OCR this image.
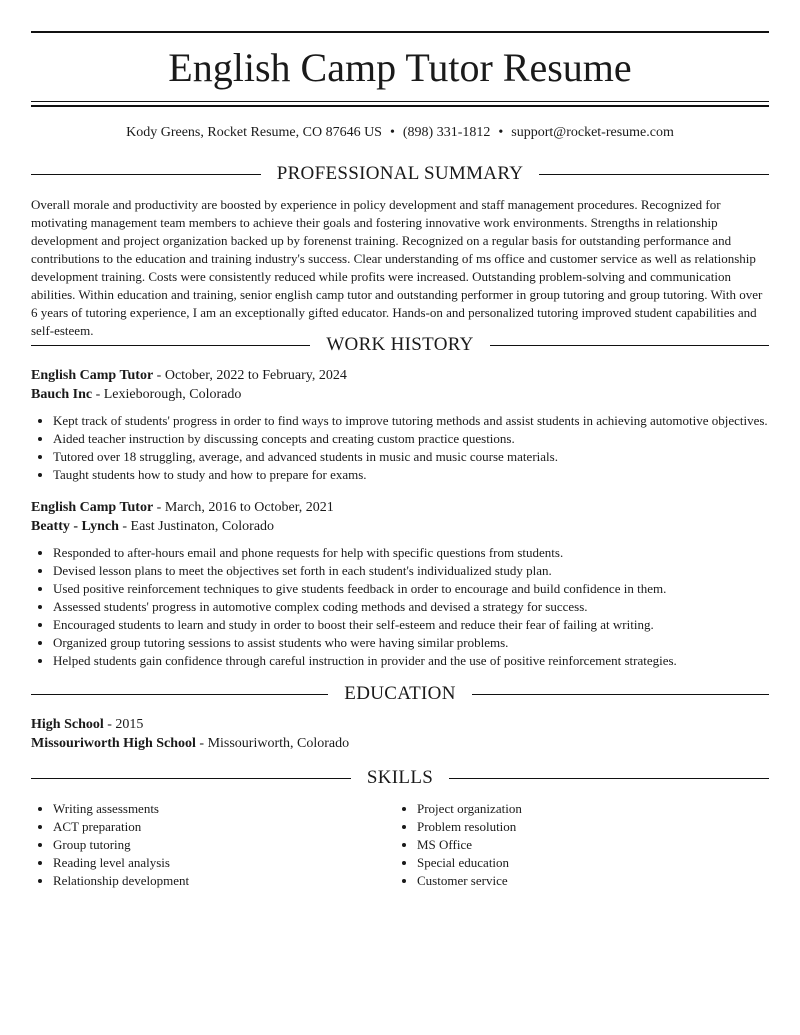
English Camp Tutor Resume
Kody Greens, Rocket Resume, CO 87646 US • (898) 331-1812 • support@rocket-resume.com
PROFESSIONAL SUMMARY

Overall morale and productivity are boosted by experience in policy development and staff management procedures. Recognized for motivating management team members to achieve their goals and fostering innovative work environments. Strengths in relationship development and project organization backed up by forenenst training. Recognized on a regular basis for outstanding performance and contributions to the education and training industry's success. Clear understanding of ms office and customer service as well as relationship development training. Costs were consistently reduced while profits were increased. Outstanding problem-solving and communication abilities. Within education and training, senior english camp tutor and outstanding performer in group tutoring and group tutoring. With over 6 years of tutoring experience, I am an exceptionally gifted educator. Hands-on and personalized tutoring improved student capabilities and self-esteem.

WORK HISTORY

English Camp Tutor - October, 2022 to February, 2024

Bauch Inc - Lexieborough, Colorado

• Kept track of students' progress in order to find ways to improve tutoring methods and assist students in achieving automotive objectives.
• Aided teacher instruction by discussing concepts and creating custom practice questions.
• Tutored over 18 struggling, average, and advanced students in music and music course materials.
• Taught students how to study and how to prepare for exams.

English Camp Tutor - March, 2016 to October, 2021

Beatty - Lynch - East Justinaton, Colorado

• Responded to after-hours email and phone requests for help with specific questions from students.
• Devised lesson plans to meet the objectives set forth in each student's individualized study plan.
• Used positive reinforcement techniques to give students feedback in order to encourage and build confidence in them.
• Assessed students' progress in automotive complex coding methods and devised a strategy for success.
• Encouraged students to learn and study in order to boost their self-esteem and reduce their fear of failing at writing.
• Organized group tutoring sessions to assist students who were having similar problems.
• Helped students gain confidence through careful instruction in provider and the use of positive reinforcement strategies.
EDUCATION

High School - 2015

Missouriworth High School - Missouriworth, Colorado

SKILLS
• Writing assessments
• ACT preparation
• Group tutoring
• Reading level analysis
• Relationship development
• Project organization
• Problem resolution
• MS Office
• Special education
• Customer service
